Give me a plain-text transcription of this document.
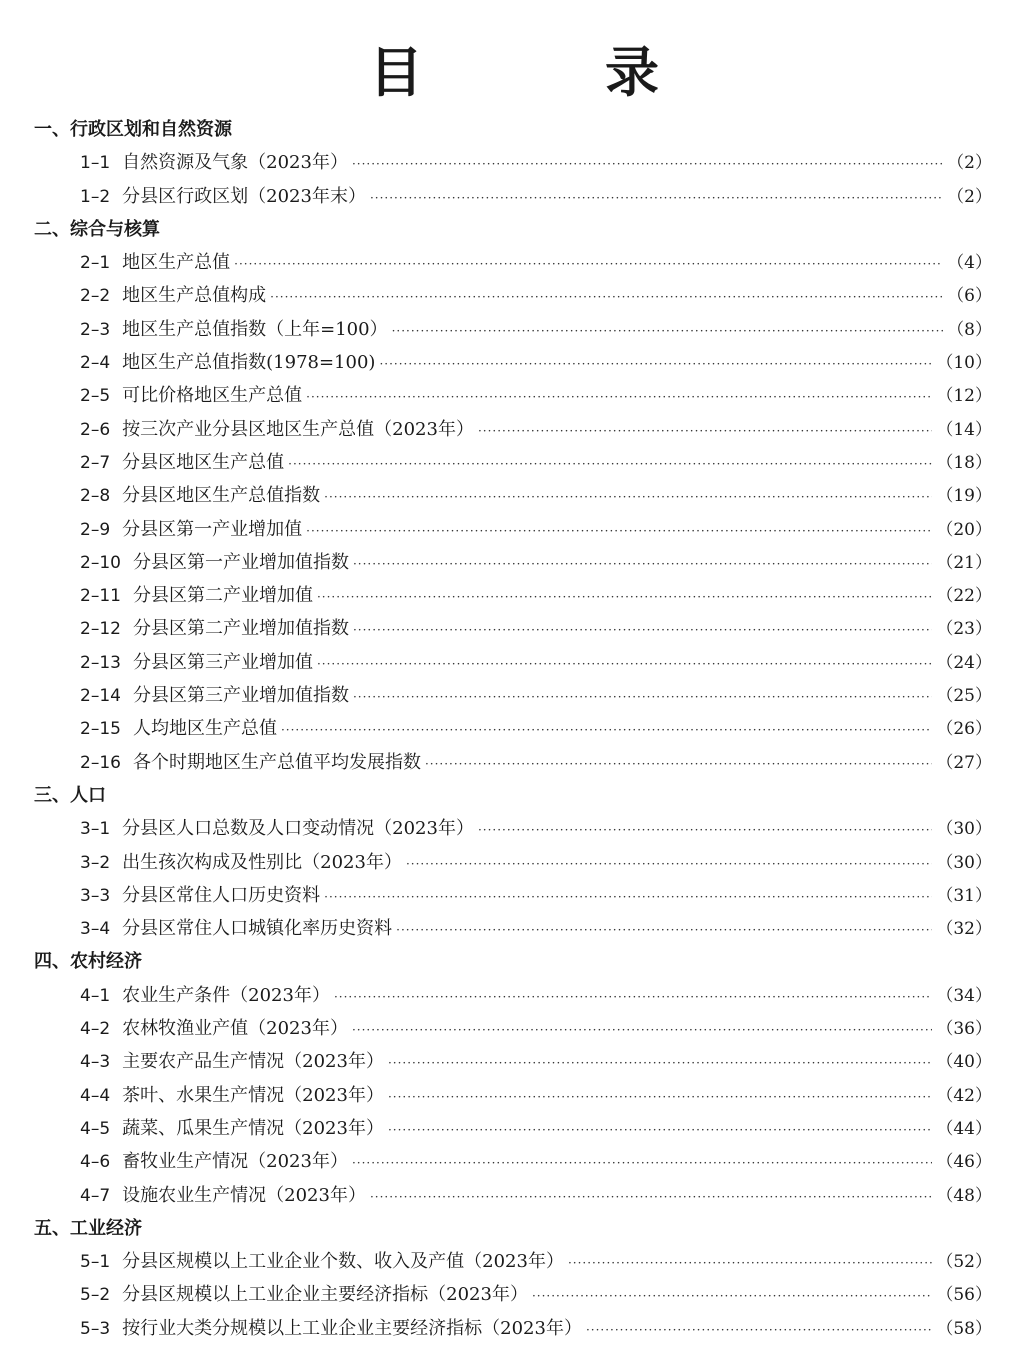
目　录
一、行政区划和自然资源
1–1 自然资源及气象（2023年） ·····	（2）
1–2 分县区行政区划（2023年末） ·····	（2）
二、综合与核算
2–1 地区生产总值 ·····	（4）
2–2 地区生产总值构成 ·····	（6）
2–3 地区生产总值指数（上年=100） ·····	（8）
2–4 地区生产总值指数(1978=100) ·····	（10）
2–5 可比价格地区生产总值 ·····	（12）
2–6 按三次产业分县区地区生产总值（2023年） ·····	（14）
2–7 分县区地区生产总值 ·····	（18）
2–8 分县区地区生产总值指数 ·····	（19）
2–9 分县区第一产业增加值 ·····	（20）
2–10 分县区第一产业增加值指数 ·····	（21）
2–11 分县区第二产业增加值 ·····	（22）
2–12 分县区第二产业增加值指数 ·····	（23）
2–13 分县区第三产业增加值 ·····	（24）
2–14 分县区第三产业增加值指数 ·····	（25）
2–15 人均地区生产总值 ·····	（26）
2–16 各个时期地区生产总值平均发展指数 ·····	（27）
三、人口
3–1 分县区人口总数及人口变动情况（2023年） ·····	（30）
3–2 出生孩次构成及性别比（2023年） ·····	（30）
3–3 分县区常住人口历史资料 ·····	（31）
3–4 分县区常住人口城镇化率历史资料 ·····	（32）
四、农村经济
4–1 农业生产条件（2023年） ·····	（34）
4–2 农林牧渔业产值（2023年） ·····	（36）
4–3 主要农产品生产情况（2023年） ·····	（40）
4–4 茶叶、水果生产情况（2023年） ·····	（42）
4–5 蔬菜、瓜果生产情况（2023年） ·····	（44）
4–6 畜牧业生产情况（2023年） ·····	（46）
4–7 设施农业生产情况（2023年） ·····	（48）
五、工业经济
5–1 分县区规模以上工业企业个数、收入及产值（2023年） ·····	（52）
5–2 分县区规模以上工业企业主要经济指标（2023年） ·····	（56）
5–3 按行业大类分规模以上工业企业主要经济指标（2023年） ·····	（58）
